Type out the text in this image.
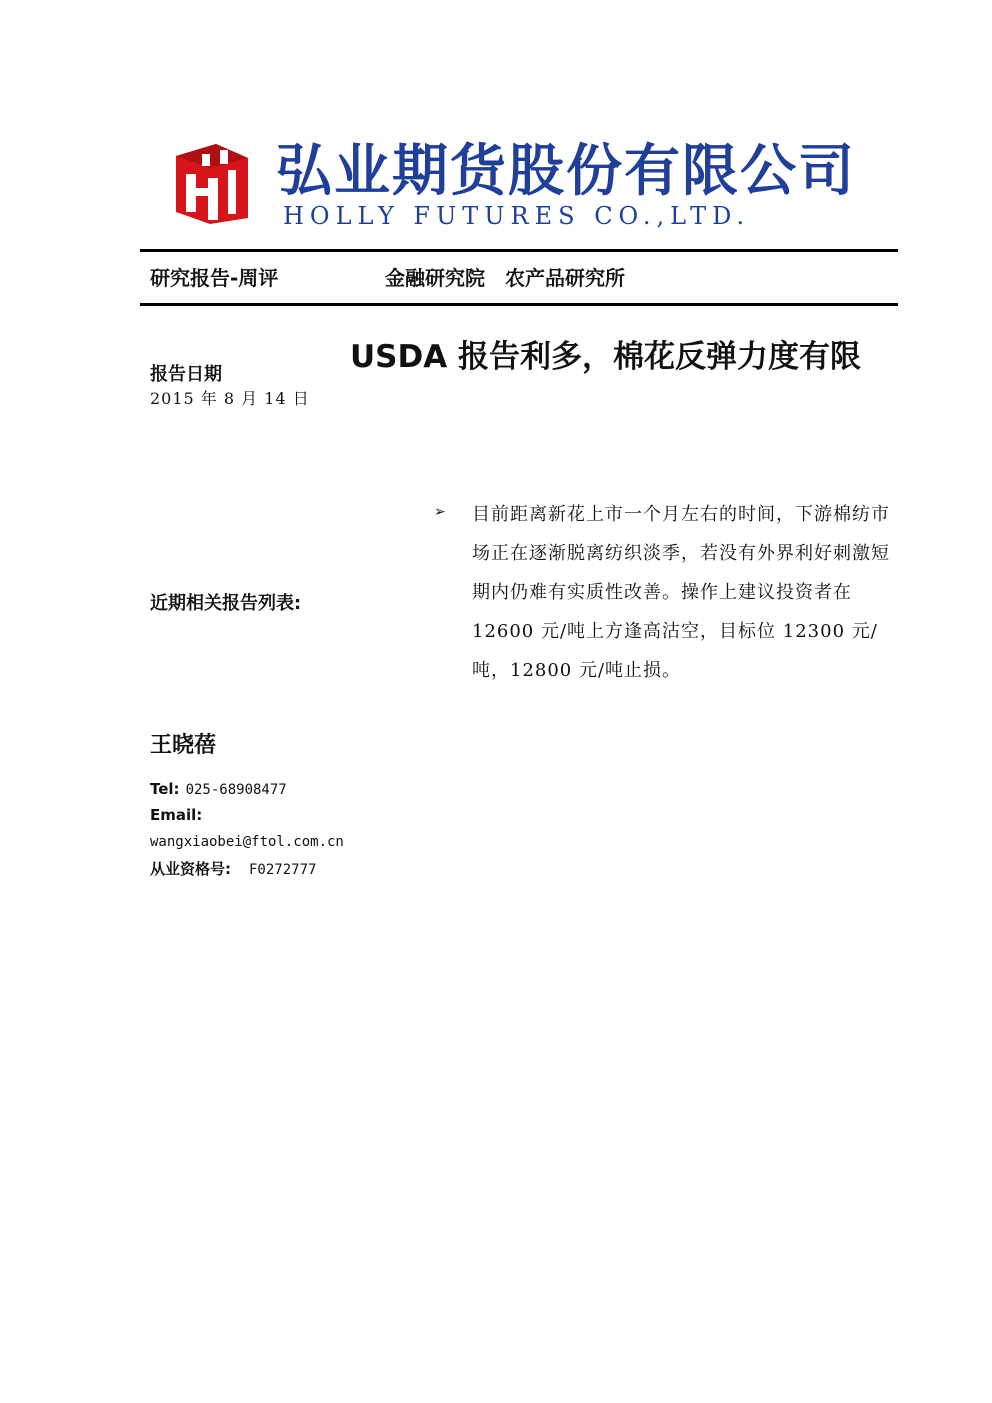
弘业期货股份有限公司
HOLLY FUTURES CO.,LTD.
研究报告-周评	金融研究院　农产品研究所
USDA 报告利多，棉花反弹力度有限
报告日期
2015 年 8 月 14 日
近期相关报告列表:
➢ 目前距离新花上市一个月左右的时间，下游棉纺市场正在逐渐脱离纺织淡季，若没有外界利好刺激短期内仍难有实质性改善。操作上建议投资者在 12600 元/吨上方逢高沽空，目标位 12300 元/吨，12800 元/吨止损。
王晓蓓
Tel: 025-68908477
Email:
wangxiaobei@ftol.com.cn
从业资格号: F0272777
